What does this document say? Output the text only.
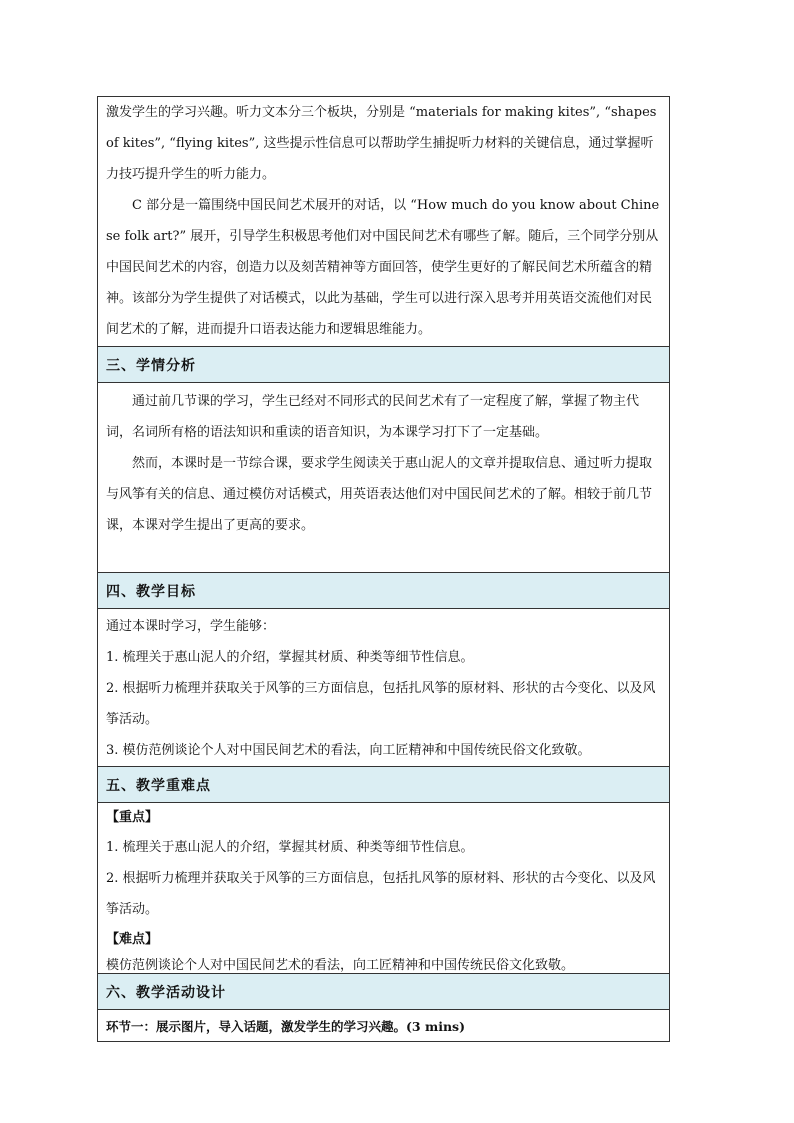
激发学生的学习兴趣。听力文本分三个板块，分别是 “materials for making kites”, “shapes of kites”, “flying kites”, 这些提示性信息可以帮助学生捕捉听力材料的关键信息，通过掌握听力技巧提升学生的听力能力。

C 部分是一篇围绕中国民间艺术展开的对话，以 “How much do you know about Chinese folk art?” 展开，引导学生积极思考他们对中国民间艺术有哪些了解。随后，三个同学分别从中国民间艺术的内容，创造力以及刻苦精神等方面回答，使学生更好的了解民间艺术所蕴含的精神。该部分为学生提供了对话模式，以此为基础，学生可以进行深入思考并用英语交流他们对民间艺术的了解，进而提升口语表达能力和逻辑思维能力。

三、学情分析

通过前几节课的学习，学生已经对不同形式的民间艺术有了一定程度了解，掌握了物主代词，名词所有格的语法知识和重读的语音知识，为本课学习打下了一定基础。

然而，本课时是一节综合课，要求学生阅读关于惠山泥人的文章并提取信息、通过听力提取与风筝有关的信息、通过模仿对话模式，用英语表达他们对中国民间艺术的了解。相较于前几节课，本课对学生提出了更高的要求。

四、教学目标

通过本课时学习，学生能够：

1. 梳理关于惠山泥人的介绍，掌握其材质、种类等细节性信息。

2. 根据听力梳理并获取关于风筝的三方面信息，包括扎风筝的原材料、形状的古今变化、以及风筝活动。

3. 模仿范例谈论个人对中国民间艺术的看法，向工匠精神和中国传统民俗文化致敬。

五、教学重难点

【重点】

1. 梳理关于惠山泥人的介绍，掌握其材质、种类等细节性信息。

2. 根据听力梳理并获取关于风筝的三方面信息，包括扎风筝的原材料、形状的古今变化、以及风筝活动。

【难点】

模仿范例谈论个人对中国民间艺术的看法，向工匠精神和中国传统民俗文化致敬。

六、教学活动设计
环节一：展示图片，导入话题，激发学生的学习兴趣。(3 mins)
